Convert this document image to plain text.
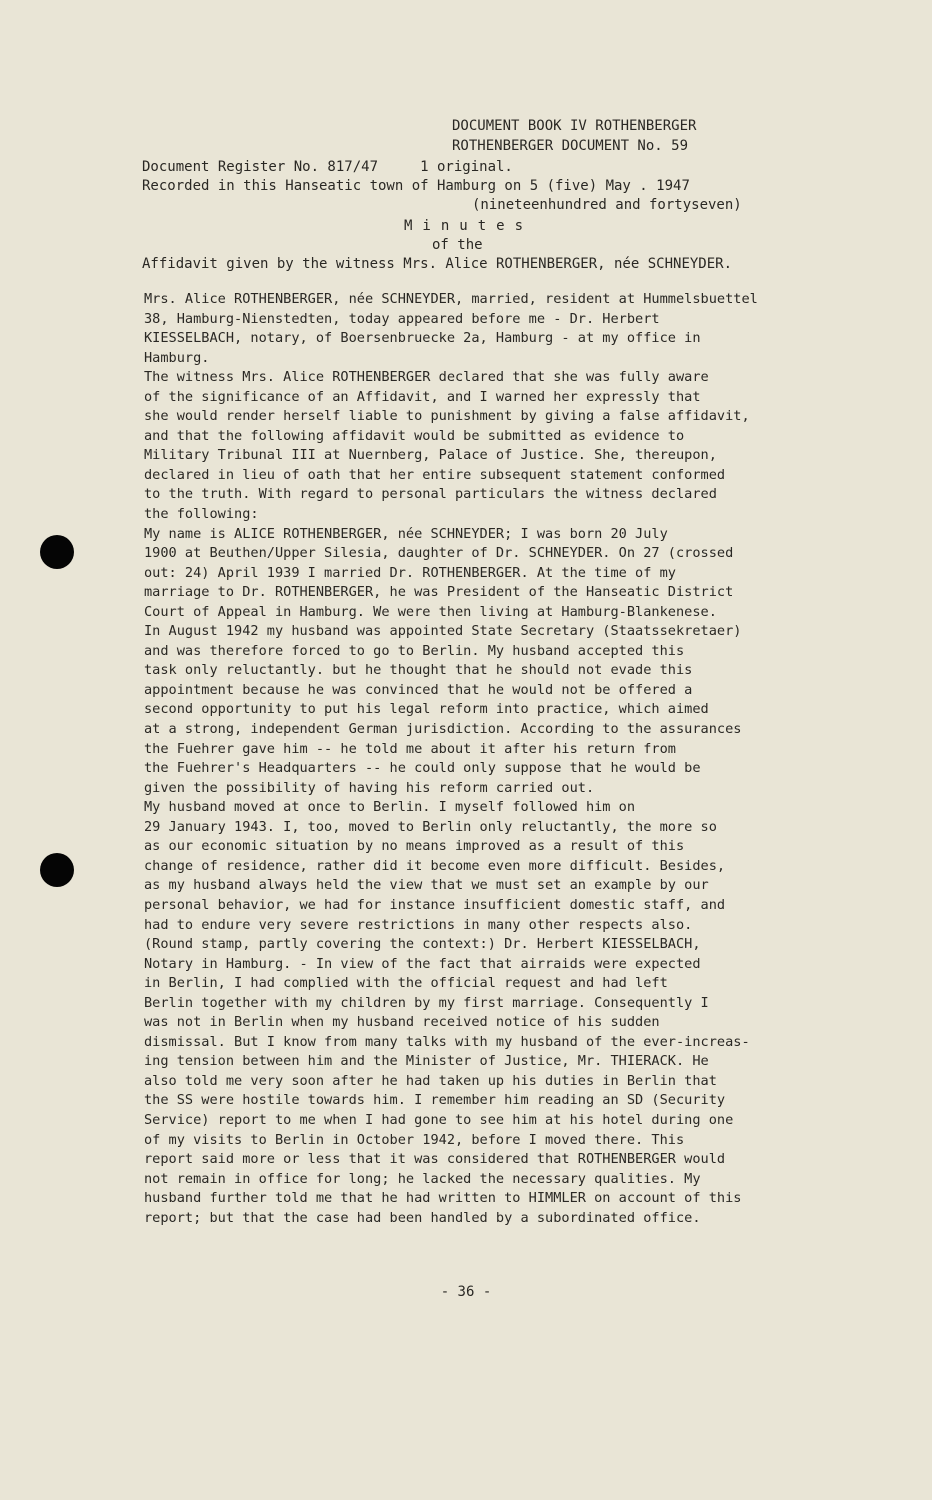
DOCUMENT BOOK IV ROTHENBERGER
ROTHENBERGER DOCUMENT No. 59
Document Register No. 817/47     1 original.
Recorded in this Hanseatic town of Hamburg on 5 (five) May . 1947
(nineteenhundred and fortyseven)
Minutes
of the
Affidavit given by the witness Mrs. Alice ROTHENBERGER, née SCHNEYDER.

Mrs. Alice ROTHENBERGER, née SCHNEYDER, married, resident at Hummelsbuettel
38, Hamburg-Nienstedten, today appeared before me - Dr. Herbert
KIESSELBACH, notary, of Boersenbruecke 2a, Hamburg - at my office in
Hamburg.

The witness Mrs. Alice ROTHENBERGER declared that she was fully aware
of the significance of an Affidavit, and I warned her expressly that
she would render herself liable to punishment by giving a false affidavit,
and that the following affidavit would be submitted as evidence to
Military Tribunal III at Nuernberg, Palace of Justice. She, thereupon,
declared in lieu of oath that her entire subsequent statement conformed
to the truth. With regard to personal particulars the witness declared
the following:

My name is ALICE ROTHENBERGER, née SCHNEYDER; I was born 20 July
1900 at Beuthen/Upper Silesia, daughter of Dr. SCHNEYDER. On 27 (crossed
out: 24) April 1939 I married Dr. ROTHENBERGER. At the time of my
marriage to Dr. ROTHENBERGER, he was President of the Hanseatic District
Court of Appeal in Hamburg. We were then living at Hamburg-Blankenese.
In August 1942 my husband was appointed State Secretary (Staatssekretaer)
and was therefore forced to go to Berlin. My husband accepted this
task only reluctantly. but he thought that he should not evade this
appointment because he was convinced that he would not be offered a
second opportunity to put his legal reform into practice, which aimed
at a strong, independent German jurisdiction. According to the assurances
the Fuehrer gave him -- he told me about it after his return from
the Fuehrer's Headquarters -- he could only suppose that he would be
given the possibility of having his reform carried out.

My husband moved at once to Berlin. I myself followed him on
29 January 1943. I, too, moved to Berlin only reluctantly, the more so
as our economic situation by no means improved as a result of this
change of residence, rather did it become even more difficult. Besides,
as my husband always held the view that we must set an example by our
personal behavior, we had for instance insufficient domestic staff, and
had to endure very severe restrictions in many other respects also.
(Round stamp, partly covering the context:) Dr. Herbert KIESSELBACH,
Notary in Hamburg. - In view of the fact that airraids were expected
in Berlin, I had complied with the official request and had left
Berlin together with my children by my first marriage. Consequently I
was not in Berlin when my husband received notice of his sudden
dismissal. But I know from many talks with my husband of the ever-increas-
ing tension between him and the Minister of Justice, Mr. THIERACK. He
also told me very soon after he had taken up his duties in Berlin that
the SS were hostile towards him. I remember him reading an SD (Security
Service) report to me when I had gone to see him at his hotel during one
of my visits to Berlin in October 1942, before I moved there. This
report said more or less that it was considered that ROTHENBERGER would
not remain in office for long; he lacked the necessary qualities. My
husband further told me that he had written to HIMMLER on account of this
report; but that the case had been handled by a subordinated office.

- 36 -
